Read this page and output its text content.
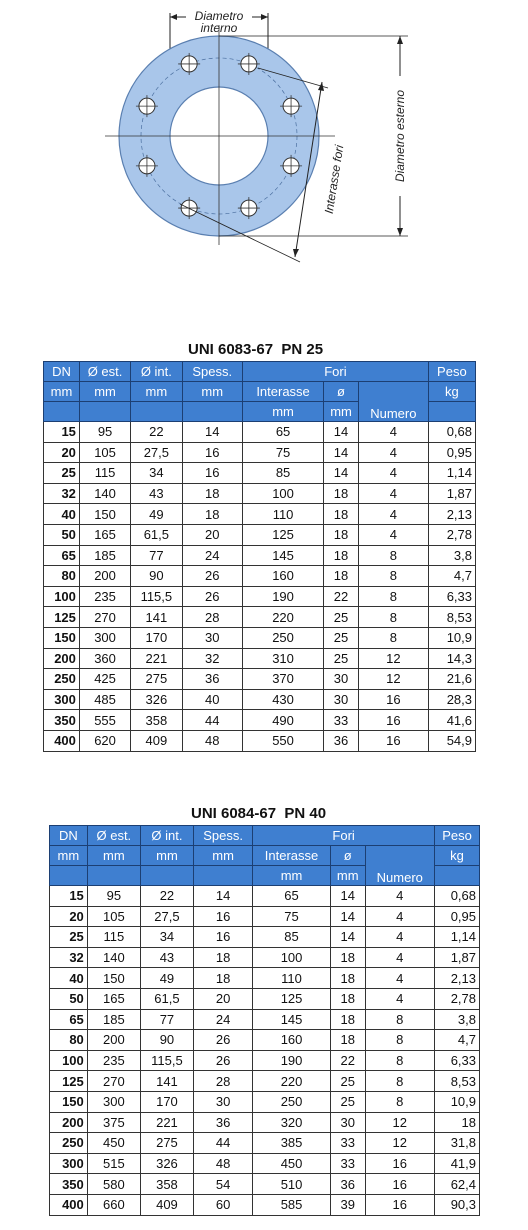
Diametro
interno
Diametro esterno
Interasse fori
UNI 6083-67  PN 25
DN	Ø est.	Ø int.	Spess.	Fori			Peso
mm	mm	mm	mm	Interasse	ø	Numero	kg
				mm	mm		
15	95	22	14	65	14	4	0,68
20	105	27,5	16	75	14	4	0,95
25	115	34	16	85	14	4	1,14
32	140	43	18	100	18	4	1,87
40	150	49	18	110	18	4	2,13
50	165	61,5	20	125	18	4	2,78
65	185	77	24	145	18	8	3,8
80	200	90	26	160	18	8	4,7
100	235	115,5	26	190	22	8	6,33
125	270	141	28	220	25	8	8,53
150	300	170	30	250	25	8	10,9
200	360	221	32	310	25	12	14,3
250	425	275	36	370	30	12	21,6
300	485	326	40	430	30	16	28,3
350	555	358	44	490	33	16	41,6
400	620	409	48	550	36	16	54,9
UNI 6084-67  PN 40
DN	Ø est.	Ø int.	Spess.	Fori			Peso
mm	mm	mm	mm	Interasse	ø	Numero	kg
				mm	mm		
15	95	22	14	65	14	4	0,68
20	105	27,5	16	75	14	4	0,95
25	115	34	16	85	14	4	1,14
32	140	43	18	100	18	4	1,87
40	150	49	18	110	18	4	2,13
50	165	61,5	20	125	18	4	2,78
65	185	77	24	145	18	8	3,8
80	200	90	26	160	18	8	4,7
100	235	115,5	26	190	22	8	6,33
125	270	141	28	220	25	8	8,53
150	300	170	30	250	25	8	10,9
200	375	221	36	320	30	12	18
250	450	275	44	385	33	12	31,8
300	515	326	48	450	33	16	41,9
350	580	358	54	510	36	16	62,4
400	660	409	60	585	39	16	90,3
